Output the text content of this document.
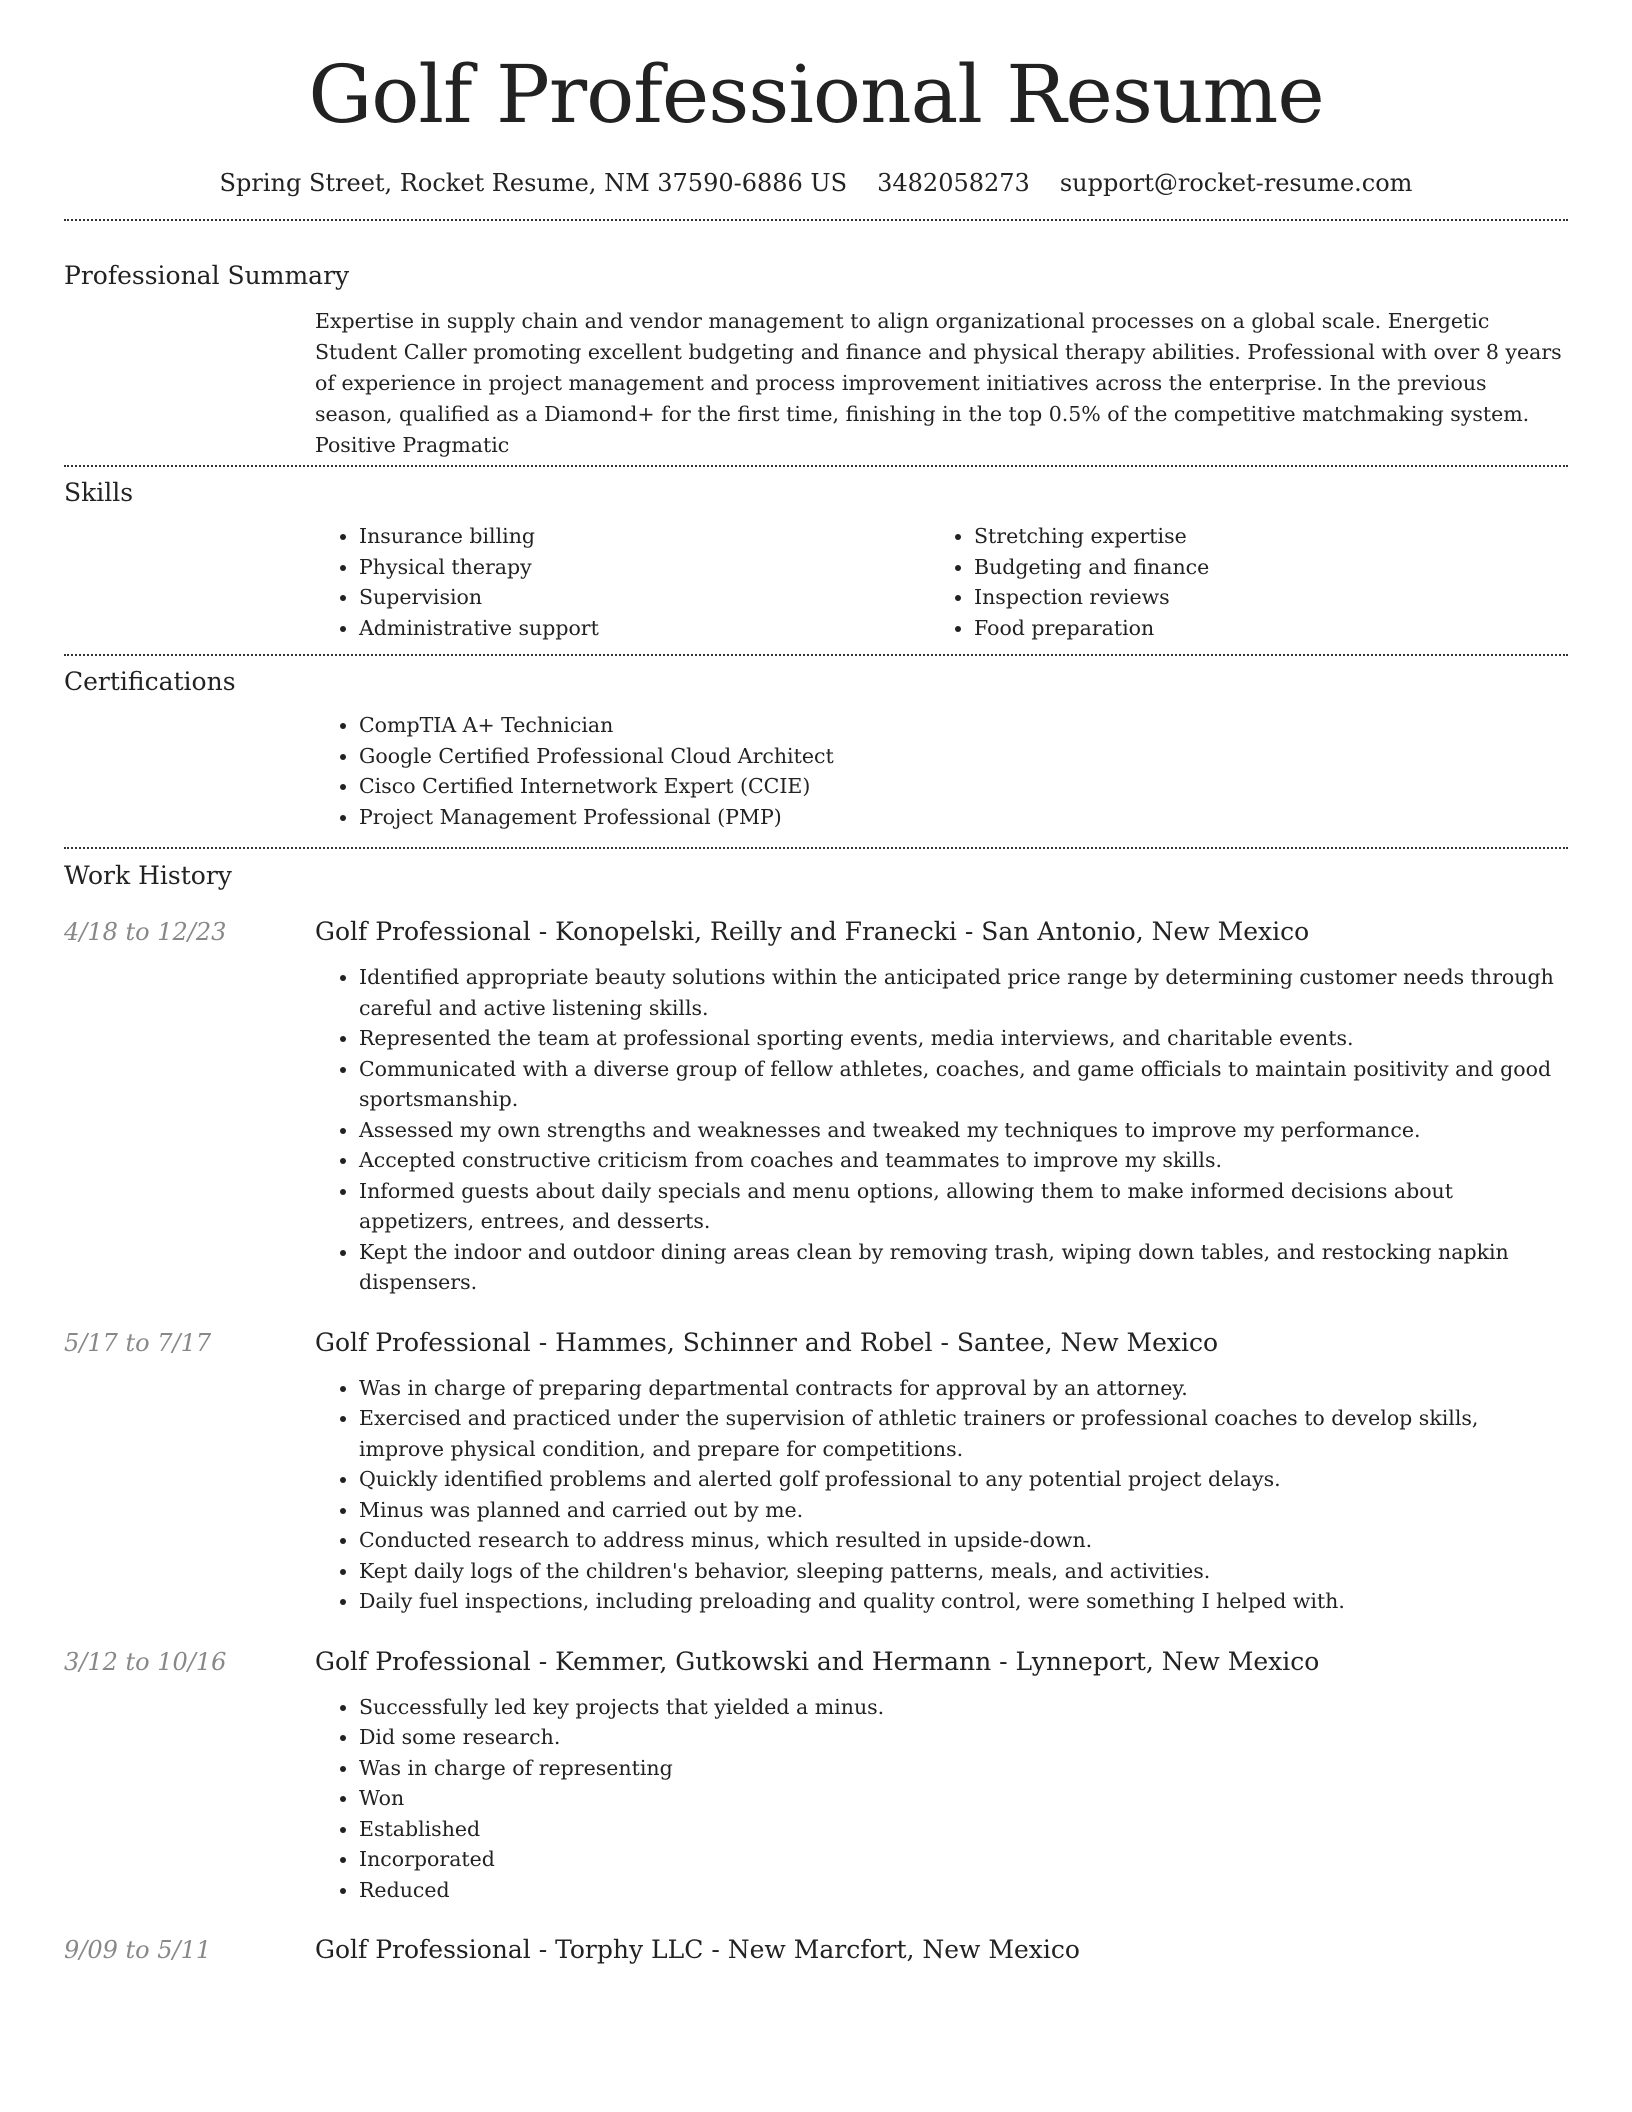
Golf Professional Resume
Spring Street, Rocket Resume, NM 37590-6886 US 3482058273 support@rocket-resume.com
Professional Summary
Expertise in supply chain and vendor management to align organizational processes on a global scale. Energetic Student Caller promoting excellent budgeting and finance and physical therapy abilities. Professional with over 8 years of experience in project management and process improvement initiatives across the enterprise. In the previous season, qualified as a Diamond+ for the first time, finishing in the top 0.5% of the competitive matchmaking system. Positive Pragmatic
Skills
• Insurance billing
• Physical therapy
• Supervision
• Administrative support
• Stretching expertise
• Budgeting and finance
• Inspection reviews
• Food preparation
Certifications
• CompTIA A+ Technician
• Google Certified Professional Cloud Architect
• Cisco Certified Internetwork Expert (CCIE)
• Project Management Professional (PMP)
Work History
4/18 to 12/23	Golf Professional - Konopelski, Reilly and Franecki - San Antonio, New Mexico
• Identified appropriate beauty solutions within the anticipated price range by determining customer needs through careful and active listening skills.
• Represented the team at professional sporting events, media interviews, and charitable events.
• Communicated with a diverse group of fellow athletes, coaches, and game officials to maintain positivity and good sportsmanship.
• Assessed my own strengths and weaknesses and tweaked my techniques to improve my performance.
• Accepted constructive criticism from coaches and teammates to improve my skills.
• Informed guests about daily specials and menu options, allowing them to make informed decisions about appetizers, entrees, and desserts.
• Kept the indoor and outdoor dining areas clean by removing trash, wiping down tables, and restocking napkin dispensers.
5/17 to 7/17	Golf Professional - Hammes, Schinner and Robel - Santee, New Mexico
• Was in charge of preparing departmental contracts for approval by an attorney.
• Exercised and practiced under the supervision of athletic trainers or professional coaches to develop skills, improve physical condition, and prepare for competitions.
• Quickly identified problems and alerted golf professional to any potential project delays.
• Minus was planned and carried out by me.
• Conducted research to address minus, which resulted in upside-down.
• Kept daily logs of the children's behavior, sleeping patterns, meals, and activities.
• Daily fuel inspections, including preloading and quality control, were something I helped with.
3/12 to 10/16	Golf Professional - Kemmer, Gutkowski and Hermann - Lynneport, New Mexico
• Successfully led key projects that yielded a minus.
• Did some research.
• Was in charge of representing
• Won
• Established
• Incorporated
• Reduced
9/09 to 5/11	Golf Professional - Torphy LLC - New Marcfort, New Mexico
